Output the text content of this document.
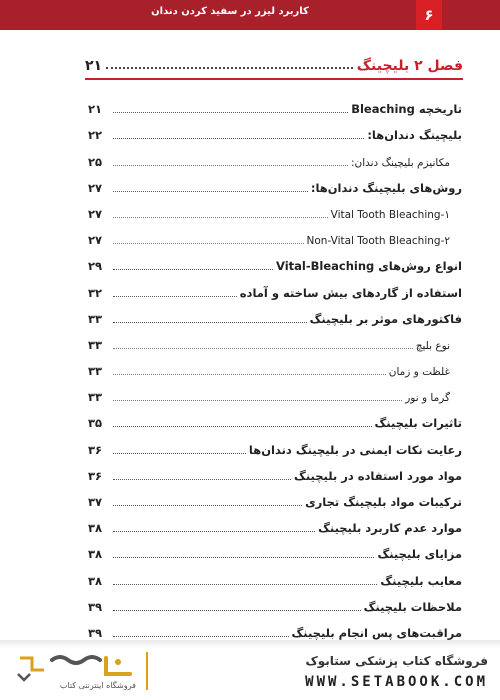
کاربرد لیزر در سفید کردن دندان	۶
فصل ۲ بلیچینگ
۲۱
تاریخچه Bleaching
۲۱
بلیچینگ دندان‌ها:
۲۲
مکانیزم بلیچینگ دندان:
۲۵
روش‌های بلیچینگ دندان‌ها:
۲۷
Vital Tooth Bleaching-۱
۲۷
Non-Vital Tooth Bleaching-۲
۲۷
انواع روش‌های Vital-Bleaching
۲۹
استفاده از گاردهای بیش ساخته و آماده
۳۲
فاکتورهای موثر بر بلیچینگ
۳۳
نوع بلیچ
۳۳
غلظت و زمان
۳۳
گرما و نور
۳۳
تاثیرات بلیچینگ
۳۵
رعایت نکات ایمنی در بلیچینگ دندان‌ها
۳۶
مواد مورد استفاده در بلیچینگ
۳۶
ترکیبات مواد بلیچینگ تجاری
۳۷
موارد عدم کاربرد بلیچینگ
۳۸
مزایای بلیچینگ
۳۸
معایب بلیچینگ
۳۸
ملاحظات بلیچینگ
۳۹
مراقبت‌های پس انجام بلیچینگ
۳۹
فروشگاه اینترنتی کتاب
فروشگاه کتاب پزشکی ستابوک
WWW.SETABOOK.COM
